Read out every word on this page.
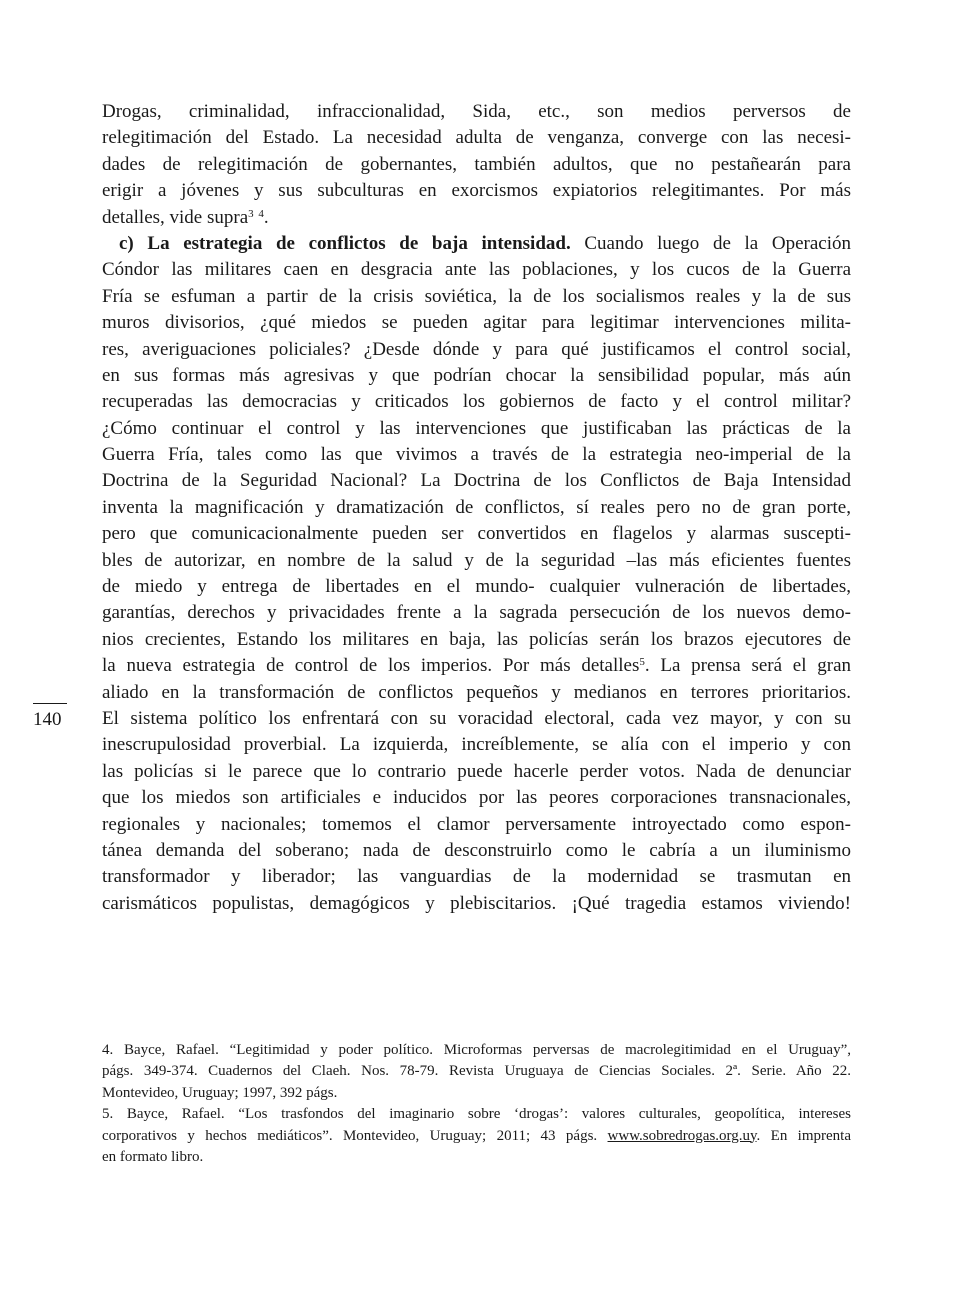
Drogas, criminalidad, infraccionalidad, Sida, etc., son medios perversos de
relegitimación del Estado. La necesidad adulta de venganza, converge con las necesi-
dades de relegitimación de gobernantes, también adultos, que no pestañearán para
erigir a jóvenes y sus subculturas en exorcismos expiatorios relegitimantes. Por más
detalles, vide supra$^3$ $^4$.
c) La estrategia de conflictos de baja intensidad. Cuando luego de la Operación
Cóndor las militares caen en desgracia ante las poblaciones, y los cucos de la Guerra
Fría se esfuman a partir de la crisis soviética, la de los socialismos reales y la de sus
muros divisorios, ¿qué miedos se pueden agitar para legitimar intervenciones milita-
res, averiguaciones policiales? ¿Desde dónde y para qué justificamos el control social,
en sus formas más agresivas y que podrían chocar la sensibilidad popular, más aún
recuperadas las democracias y criticados los gobiernos de facto y el control militar?
¿Cómo continuar el control y las intervenciones que justificaban las prácticas de la
Guerra Fría, tales como las que vivimos a través de la estrategia neo-imperial de la
Doctrina de la Seguridad Nacional? La Doctrina de los Conflictos de Baja Intensidad
inventa la magnificación y dramatización de conflictos, sí reales pero no de gran porte,
pero que comunicacionalmente pueden ser convertidos en flagelos y alarmas suscepti-
bles de autorizar, en nombre de la salud y de la seguridad –las más eficientes fuentes
de miedo y entrega de libertades en el mundo- cualquier vulneración de libertades,
garantías, derechos y privacidades frente a la sagrada persecución de los nuevos demo-
nios crecientes, Estando los militares en baja, las policías serán los brazos ejecutores de
la nueva estrategia de control de los imperios. Por más detalles$^5$. La prensa será el gran
aliado en la transformación de conflictos pequeños y medianos en terrores prioritarios.
El sistema político los enfrentará con su voracidad electoral, cada vez mayor, y con su
inescrupulosidad proverbial. La izquierda, increíblemente, se alía con el imperio y con
las policías si le parece que lo contrario puede hacerle perder votos. Nada de denunciar
que los miedos son artificiales e inducidos por las peores corporaciones transnacionales,
regionales y nacionales; tomemos el clamor perversamente introyectado como espon-
tánea demanda del soberano; nada de desconstruirlo como le cabría a un iluminismo
transformador y liberador; las vanguardias de la modernidad se trasmutan en
carismáticos populistas, demagógicos y plebiscitarios. ¡Qué tragedia estamos viviendo!
140
4. Bayce, Rafael. “Legitimidad y poder político. Microformas perversas de macrolegitimidad en el Uruguay”,
págs. 349-374. Cuadernos del Claeh. Nos. 78-79. Revista Uruguaya de Ciencias Sociales. 2ª. Serie. Año 22.
Montevideo, Uruguay; 1997, 392 págs.
5. Bayce, Rafael. “Los trasfondos del imaginario sobre ‘drogas’: valores culturales, geopolítica, intereses
corporativos y hechos mediáticos”. Montevideo, Uruguay; 2011; 43 págs. www.sobredrogas.org.uy. En imprenta
en formato libro.
